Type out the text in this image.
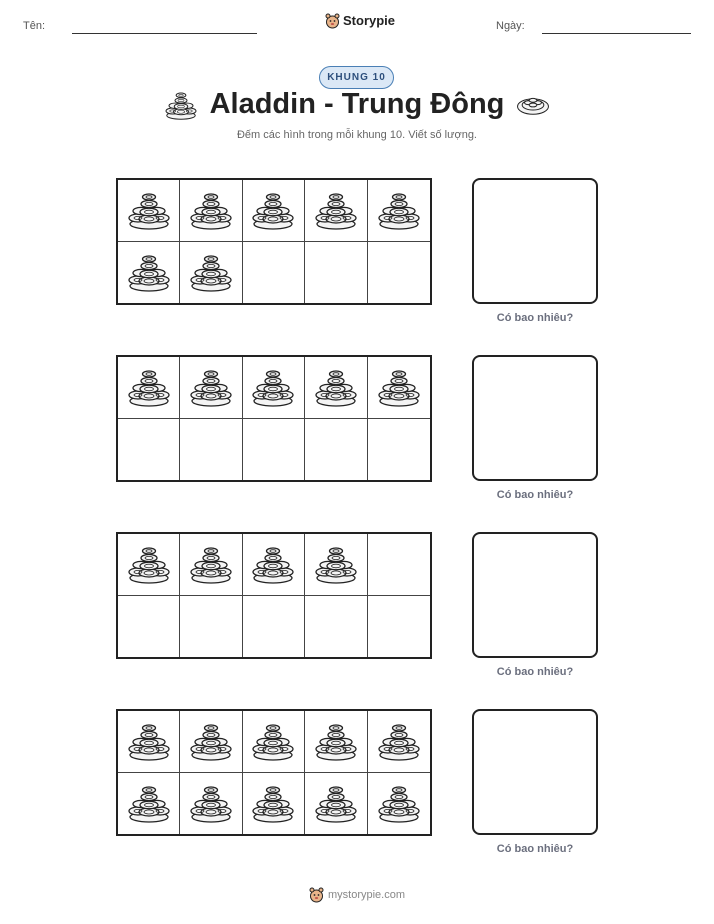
Tên:	Storypie	Ngày:
KHUNG 10
Aladdin - Trung Đông
Đếm các hình trong mỗi khung 10. Viết số lượng.
Có bao nhiêu?
Có bao nhiêu?
Có bao nhiêu?
Có bao nhiêu?
mystorypie.com
